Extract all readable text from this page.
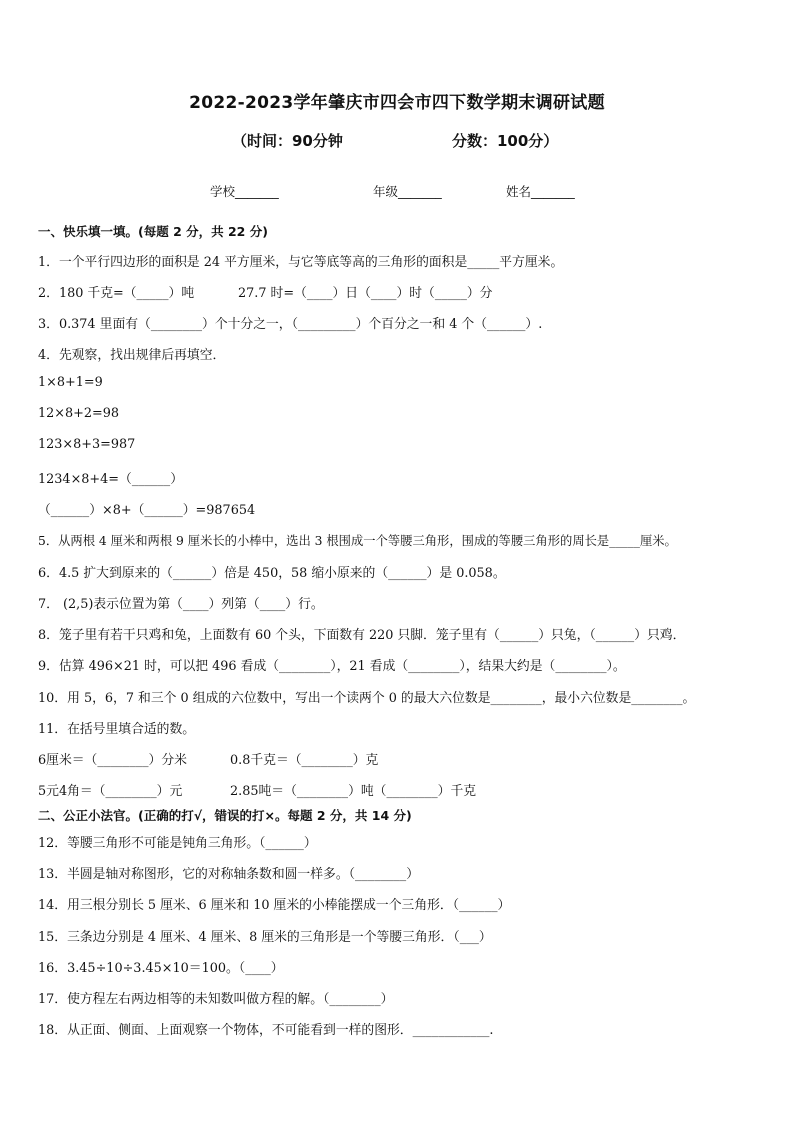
2022-2023学年肇庆市四会市四下数学期末调研试题
（时间：90分钟	分数：100分）
学校_______	年级_______	姓名_______
一、快乐填一填。(每题 2 分，共 22 分)
1．一个平行四边形的面积是 24 平方厘米，与它等底等高的三角形的面积是_____平方厘米。
2．180 千克=（_____）吨	27.7 时=（____）日（____）时（_____）分
3．0.374 里面有（________）个十分之一，（_________）个百分之一和 4 个（______）.
4．先观察，找出规律后再填空．
1×8+1=9
12×8+2=98
123×8+3=987
1234×8+4=（______）
（______）×8+（______）=987654
5．从两根 4 厘米和两根 9 厘米长的小棒中，选出 3 根围成一个等腰三角形，围成的等腰三角形的周长是_____厘米。
6．4.5 扩大到原来的（______）倍是 450，58 缩小原来的（______）是 0.058。
7． (2,5)表示位置为第（____）列第（____）行。
8．笼子里有若干只鸡和兔，上面数有 60 个头，下面数有 220 只脚．笼子里有（______）只兔，（______）只鸡．
9．估算 496×21 时，可以把 496 看成（________），21 看成（________），结果大约是（________）。
10．用 5，6，7 和三个 0 组成的六位数中，写出一个读两个 0 的最大六位数是________，最小六位数是________。
11．在括号里填合适的数。
6厘米＝（________）分米	0.8千克＝（________）克
5元4角＝（________）元	2.85吨＝（________）吨（________）千克
二、公正小法官。(正确的打√，错误的打×。每题 2 分，共 14 分)
12．等腰三角形不可能是钝角三角形。（______）
13．半圆是轴对称图形，它的对称轴条数和圆一样多。（________）
14．用三根分别长 5 厘米、6 厘米和 10 厘米的小棒能摆成一个三角形．（______）
15．三条边分别是 4 厘米、4 厘米、8 厘米的三角形是一个等腰三角形．（___）
16．3.45÷10÷3.45×10＝100。（____）
17．使方程左右两边相等的未知数叫做方程的解。（________）
18．从正面、侧面、上面观察一个物体，不可能看到一样的图形．____________.
